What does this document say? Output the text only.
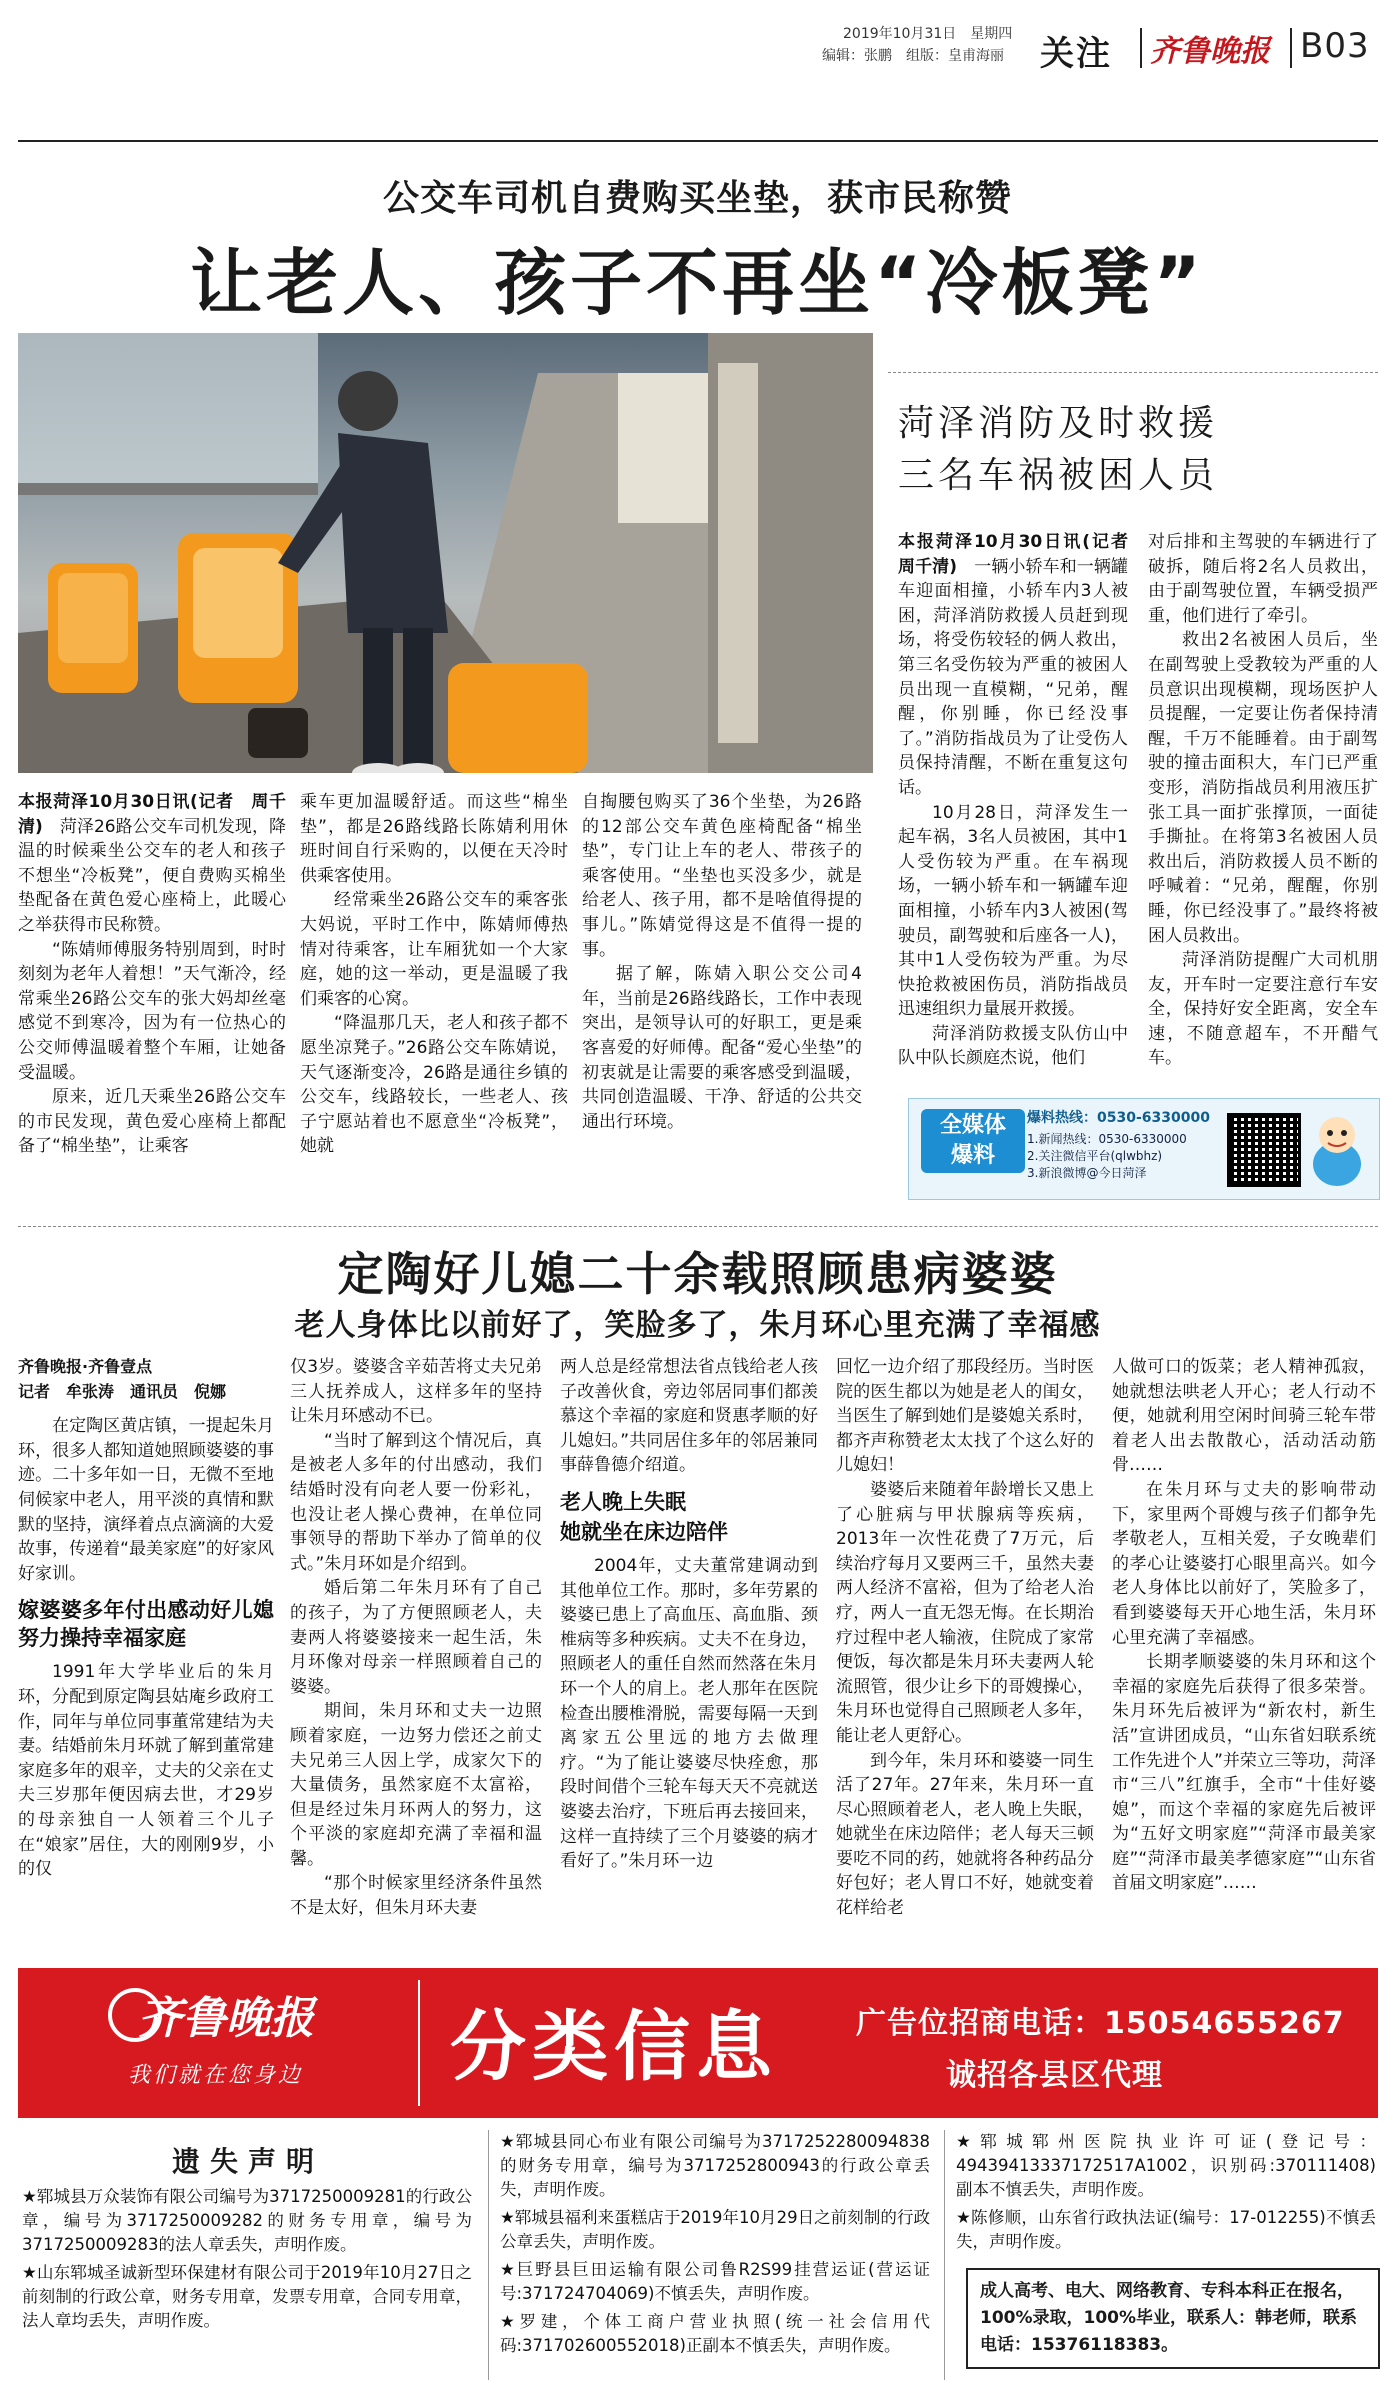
2019年10月31日　星期四
编辑：张鹏　组版：皇甫海丽 关注 齐鲁晚报 B03
公交车司机自费购买坐垫，获市民称赞
让老人、孩子不再坐“冷板凳”

本报菏泽10月30日讯(记者　周千清)　菏泽26路公交车司机发现，降温的时候乘坐公交车的老人和孩子不想坐“冷板凳”，便自费购买棉坐垫配备在黄色爱心座椅上，此暖心之举获得市民称赞。

“陈婧师傅服务特别周到，时时刻刻为老年人着想！”天气渐冷，经常乘坐26路公交车的张大妈却丝毫感觉不到寒冷，因为有一位热心的公交师傅温暖着整个车厢，让她备受温暖。

原来，近几天乘坐26路公交车的市民发现，黄色爱心座椅上都配备了“棉坐垫”，让乘客

乘车更加温暖舒适。而这些“棉坐垫”，都是26路线路长陈婧利用休班时间自行采购的，以便在天冷时供乘客使用。

经常乘坐26路公交车的乘客张大妈说，平时工作中，陈婧师傅热情对待乘客，让车厢犹如一个大家庭，她的这一举动，更是温暖了我们乘客的心窝。

“降温那几天，老人和孩子都不愿坐凉凳子。”26路公交车陈婧说，天气逐渐变冷，26路是通往乡镇的公交车，线路较长，一些老人、孩子宁愿站着也不愿意坐“冷板凳”，她就

自掏腰包购买了36个坐垫，为26路的12部公交车黄色座椅配备“棉坐垫”，专门让上车的老人、带孩子的乘客使用。“坐垫也买没多少，就是给老人、孩子用，都不是啥值得提的事儿。”陈婧觉得这是不值得一提的事。

据了解，陈婧入职公交公司4年，当前是26路线路长，工作中表现突出，是领导认可的好职工，更是乘客喜爱的好师傅。配备“爱心坐垫”的初衷就是让需要的乘客感受到温暖，共同创造温暖、干净、舒适的公共交通出行环境。

菏泽消防及时救援
三名车祸被困人员

本报菏泽10月30日讯(记者　周千清)　一辆小轿车和一辆罐车迎面相撞，小轿车内3人被困，菏泽消防救援人员赶到现场，将受伤较轻的俩人救出，第三名受伤较为严重的被困人员出现一直模糊，“兄弟，醒醒，你别睡，你已经没事了。”消防指战员为了让受伤人员保持清醒，不断在重复这句话。

10月28日，菏泽发生一起车祸，3名人员被困，其中1人受伤较为严重。在车祸现场，一辆小轿车和一辆罐车迎面相撞，小轿车内3人被困(驾驶员，副驾驶和后座各一人)，其中1人受伤较为严重。为尽快抢救被困伤员，消防指战员迅速组织力量展开救援。

菏泽消防救援支队仿山中队中队长颜庭杰说，他们

对后排和主驾驶的车辆进行了破拆，随后将2名人员救出，由于副驾驶位置，车辆受损严重，他们进行了牵引。

救出2名被困人员后，坐在副驾驶上受教较为严重的人员意识出现模糊，现场医护人员提醒，一定要让伤者保持清醒，千万不能睡着。由于副驾驶的撞击面积大，车门已严重变形，消防指战员利用液压扩张工具一面扩张撑顶，一面徒手撕扯。在将第3名被困人员救出后，消防救援人员不断的呼喊着：“兄弟，醒醒，你别睡，你已经没事了。”最终将被困人员救出。

菏泽消防提醒广大司机朋友，开车时一定要注意行车安全，保持好安全距离，安全车速，不随意超车，不开醋气车。

全媒体
爆料
爆料热线：0530-6330000
1.新闻热线：0530-6330000
2.关注微信平台(qlwbhz)
3.新浪微博@今日菏泽
定陶好儿媳二十余载照顾患病婆婆
老人身体比以前好了，笑脸多了，朱月环心里充满了幸福感

齐鲁晚报·齐鲁壹点

记者　牟张涛　通讯员　倪娜

在定陶区黄店镇，一提起朱月环，很多人都知道她照顾婆婆的事迹。二十多年如一日，无微不至地伺候家中老人，用平淡的真情和默默的坚持，演绎着点点滴滴的大爱故事，传递着“最美家庭”的好家风好家训。

嫁婆婆多年付出感动好儿媳努力操持幸福家庭

1991年大学毕业后的朱月环，分配到原定陶县姑庵乡政府工作，同年与单位同事董常建结为夫妻。结婚前朱月环就了解到董常建家庭多年的艰辛，丈夫的父亲在丈夫三岁那年便因病去世，才29岁的母亲独自一人领着三个儿子在“娘家”居住，大的刚刚9岁，小的仅

仅3岁。婆婆含辛茹苦将丈夫兄弟三人抚养成人，这样多年的坚持让朱月环感动不已。

“当时了解到这个情况后，真是被老人多年的付出感动，我们结婚时没有向老人要一份彩礼，也没让老人操心费神，在单位同事领导的帮助下举办了简单的仪式。”朱月环如是介绍到。

婚后第二年朱月环有了自己的孩子，为了方便照顾老人，夫妻两人将婆婆接来一起生活，朱月环像对母亲一样照顾着自己的婆婆。

期间，朱月环和丈夫一边照顾着家庭，一边努力偿还之前丈夫兄弟三人因上学，成家欠下的大量债务，虽然家庭不太富裕，但是经过朱月环两人的努力，这个平淡的家庭却充满了幸福和温馨。

“那个时候家里经济条件虽然不是太好，但朱月环夫妻

两人总是经常想法省点钱给老人孩子改善伙食，旁边邻居同事们都羡慕这个幸福的家庭和贤惠孝顺的好儿媳妇。”共同居住多年的邻居兼同事薛鲁德介绍道。

老人晚上失眠

她就坐在床边陪伴

2004年，丈夫董常建调动到其他单位工作。那时，多年劳累的婆婆已患上了高血压、高血脂、颈椎病等多种疾病。丈夫不在身边，照顾老人的重任自然而然落在朱月环一个人的肩上。老人那年在医院检查出腰椎滑脱，需要每隔一天到离家五公里远的地方去做理疗。“为了能让婆婆尽快痊愈，那段时间借个三轮车每天天不亮就送婆婆去治疗，下班后再去接回来，这样一直持续了三个月婆婆的病才看好了。”朱月环一边

回忆一边介绍了那段经历。当时医院的医生都以为她是老人的闺女，当医生了解到她们是婆媳关系时，都齐声称赞老太太找了个这么好的儿媳妇！

婆婆后来随着年龄增长又患上了心脏病与甲状腺病等疾病，2013年一次性花费了7万元，后续治疗每月又要两三千，虽然夫妻两人经济不富裕，但为了给老人治疗，两人一直无怨无悔。在长期治疗过程中老人输液，住院成了家常便饭，每次都是朱月环夫妻两人轮流照管，很少让乡下的哥嫂操心，朱月环也觉得自己照顾老人多年，能让老人更舒心。

到今年，朱月环和婆婆一同生活了27年。27年来，朱月环一直尽心照顾着老人，老人晚上失眠，她就坐在床边陪伴；老人每天三顿要吃不同的药，她就将各种药品分好包好；老人胃口不好，她就变着花样给老

人做可口的饭菜；老人精神孤寂，她就想法哄老人开心；老人行动不便，她就利用空闲时间骑三轮车带着老人出去散散心，活动活动筋骨……

在朱月环与丈夫的影响带动下，家里两个哥嫂与孩子们都争先孝敬老人，互相关爱，子女晚辈们的孝心让婆婆打心眼里高兴。如今老人身体比以前好了，笑脸多了，看到婆婆每天开心地生活，朱月环心里充满了幸福感。

长期孝顺婆婆的朱月环和这个幸福的家庭先后获得了很多荣誉。朱月环先后被评为“新农村，新生活”宣讲团成员，“山东省妇联系统工作先进个人”并荣立三等功，菏泽市“三八”红旗手，全市“十佳好婆媳”，而这个幸福的家庭先后被评为“五好文明家庭”“菏泽市最美家庭”“菏泽市最美孝德家庭”“山东省首届文明家庭”……

齐鲁晚报
我们就在您身边 分类信息	广告位招商电话：15054655267
诚招各县区代理
遗失声明

★郓城县万众装饰有限公司编号为3717250009281的行政公章，编号为3717250009282的财务专用章，编号为3717250009283的法人章丢失，声明作废。

★山东郓城圣诚新型环保建材有限公司于2019年10月27日之前刻制的行政公章，财务专用章，发票专用章，合同专用章，法人章均丢失，声明作废。

★郓城县同心布业有限公司编号为3717252280094838的财务专用章，编号为3717252800943的行政公章丢失，声明作废。

★郓城县福利来蛋糕店于2019年10月29日之前刻制的行政公章丢失，声明作废。

★巨野县巨田运输有限公司鲁R2S99挂营运证(营运证号:371724704069)不慎丢失，声明作废。

★罗建，个体工商户营业执照(统一社会信用代码:371702600552018)正副本不慎丢失，声明作废。

★郓城郓州医院执业许可证(登记号：49439413337172517A1002，识别码:370111408)副本不慎丢失，声明作废。

★陈修顺，山东省行政执法证(编号：17-012255)不慎丢失，声明作废。

成人高考、电大、网络教育、专科本科正在报名，100%录取，100%毕业，联系人：韩老师，联系电话：15376118383。
